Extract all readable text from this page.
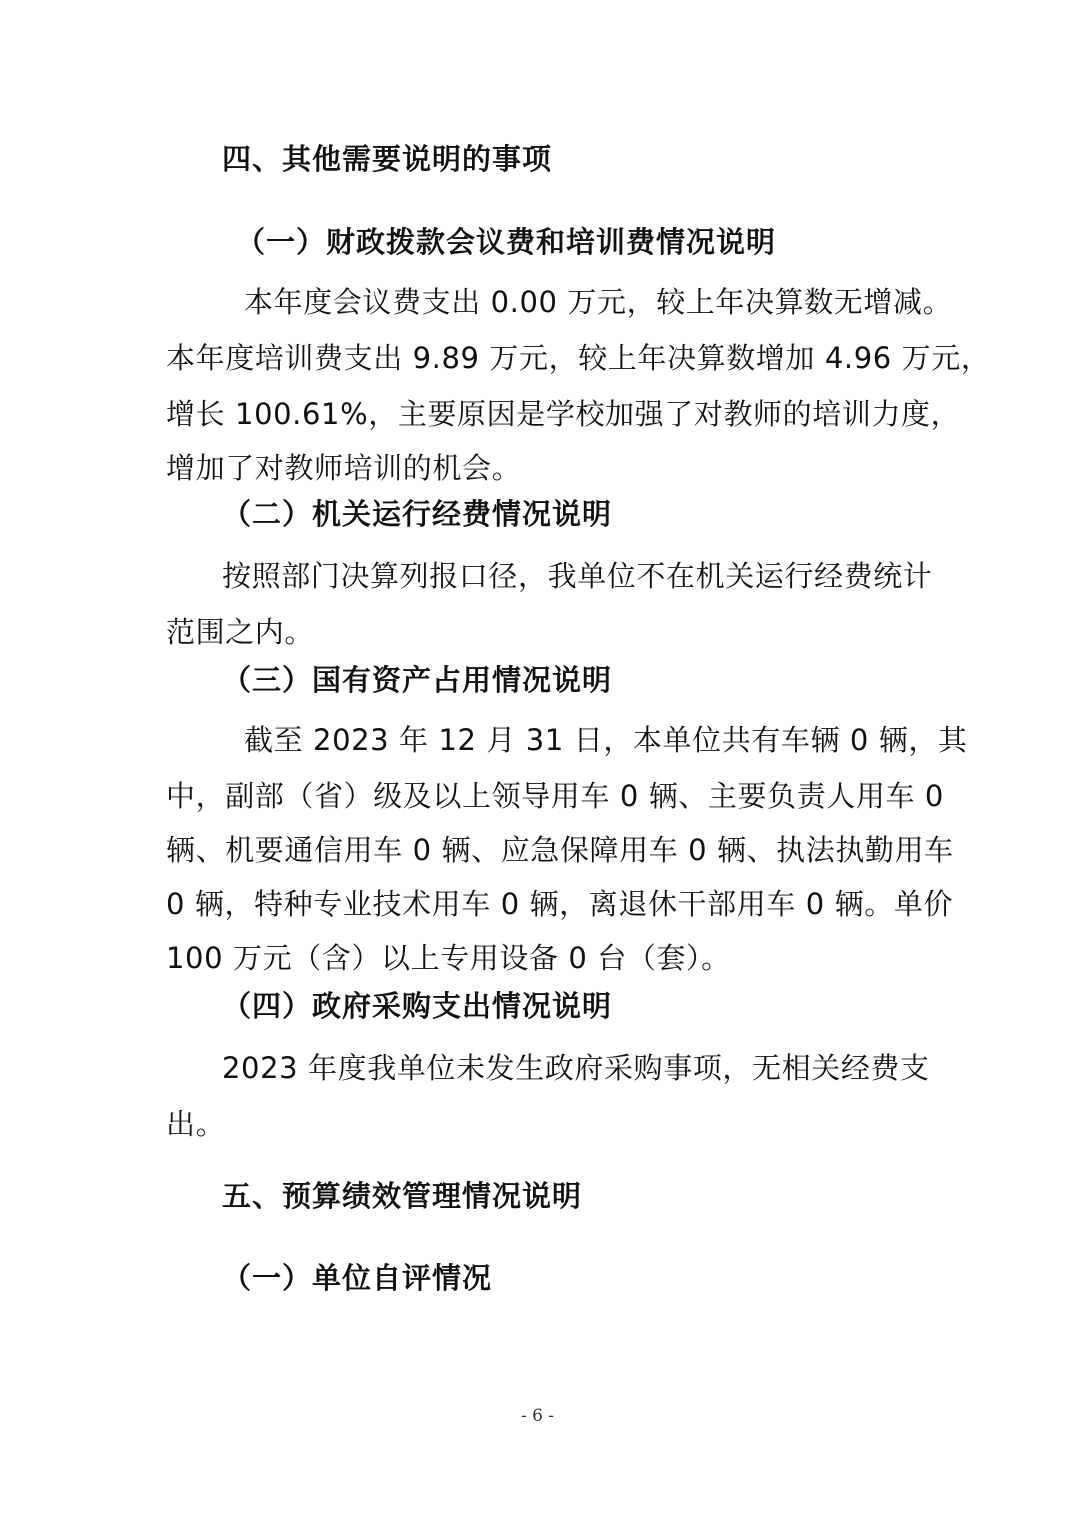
四、其他需要说明的事项
（一）财政拨款会议费和培训费情况说明
本年度会议费支出 0.00 万元，较上年决算数无增减。
本年度培训费支出 9.89 万元，较上年决算数增加 4.96 万元，
增长 100.61%，主要原因是学校加强了对教师的培训力度，
增加了对教师培训的机会。
（二）机关运行经费情况说明
按照部门决算列报口径，我单位不在机关运行经费统计
范围之内。
（三）国有资产占用情况说明
截至 2023 年 12 月 31 日，本单位共有车辆 0 辆，其
中，副部（省）级及以上领导用车 0 辆、主要负责人用车 0
辆、机要通信用车 0 辆、应急保障用车 0 辆、执法执勤用车
0 辆，特种专业技术用车 0 辆，离退休干部用车 0 辆。单价
100 万元（含）以上专用设备 0 台（套）。
（四）政府采购支出情况说明
2023 年度我单位未发生政府采购事项，无相关经费支
出。
五、预算绩效管理情况说明
（一）单位自评情况
- 6 -
